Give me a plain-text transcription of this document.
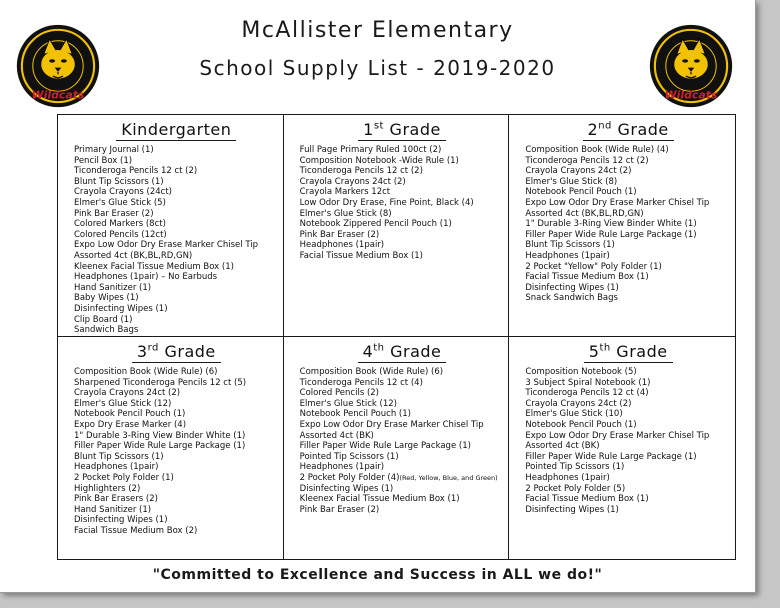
Wildcats
McAllister Elementary
School Supply List - 2019-2020
Wildcats
Kindergarten
Primary Journal (1)
Pencil Box (1)
Ticonderoga Pencils 12 ct (2)
Blunt Tip Scissors (1)
Crayola Crayons (24ct)
Elmer's Glue Stick (5)
Pink Bar Eraser (2)
Colored Markers (8ct)
Colored Pencils (12ct)
Expo Low Odor Dry Erase Marker Chisel Tip
Assorted 4ct (BK,BL,RD,GN)
Kleenex Facial Tissue Medium Box (1)
Headphones (1pair) – No Earbuds
Hand Sanitizer (1)
Baby Wipes (1)
Disinfecting Wipes (1)
Clip Board (1)
Sandwich Bags
1st Grade
Full Page Primary Ruled 100ct (2)
Composition Notebook -Wide Rule (1)
Ticonderoga Pencils 12 ct (2)
Crayola Crayons 24ct (2)
Crayola Markers 12ct
Low Odor Dry Erase, Fine Point, Black (4)
Elmer's Glue Stick (8)
Notebook Zippered Pencil Pouch (1)
Pink Bar Eraser (2)
Headphones (1pair)
Facial Tissue Medium Box (1)
2nd Grade
Composition Book (Wide Rule) (4)
Ticonderoga Pencils 12 ct (2)
Crayola Crayons 24ct (2)
Elmer's Glue Stick (8)
Notebook Pencil Pouch (1)
Expo Low Odor Dry Erase Marker Chisel Tip
Assorted 4ct (BK,BL,RD,GN)
1" Durable 3-Ring View Binder White (1)
Filler Paper Wide Rule Large Package (1)
Blunt Tip Scissors (1)
Headphones (1pair)
2 Pocket "Yellow" Poly Folder (1)
Facial Tissue Medium Box (1)
Disinfecting Wipes (1)
Snack Sandwich Bags
3rd Grade
Composition Book (Wide Rule) (6)
Sharpened Ticonderoga Pencils 12 ct (5)
Crayola Crayons 24ct (2)
Elmer's Glue Stick (12)
Notebook Pencil Pouch (1)
Expo Dry Erase Marker (4)
1" Durable 3-Ring View Binder White (1)
Filler Paper Wide Rule Large Package (1)
Blunt Tip Scissors (1)
Headphones (1pair)
2 Pocket Poly Folder (1)
Highlighters (2)
Pink Bar Erasers (2)
Hand Sanitizer (1)
Disinfecting Wipes (1)
Facial Tissue Medium Box (2)
4th Grade
Composition Book (Wide Rule) (6)
Ticonderoga Pencils 12 ct (4)
Colored Pencils (2)
Elmer's Glue Stick (12)
Notebook Pencil Pouch (1)
Expo Low Odor Dry Erase Marker Chisel Tip
Assorted 4ct (BK)
Filler Paper Wide Rule Large Package (1)
Pointed Tip Scissors (1)
Headphones (1pair)
2 Pocket Poly Folder (4)(Red, Yellow, Blue, and Green)
Disinfecting Wipes (1)
Kleenex Facial Tissue Medium Box (1)
Pink Bar Eraser (2)
5th Grade
Composition Notebook (5)
3 Subject Spiral Notebook (1)
Ticonderoga Pencils 12 ct (4)
Crayola Crayons 24ct (2)
Elmer's Glue Stick (10)
Notebook Pencil Pouch (1)
Expo Low Odor Dry Erase Marker Chisel Tip
Assorted 4ct (BK)
Filler Paper Wide Rule Large Package (1)
Pointed Tip Scissors (1)
Headphones (1pair)
2 Pocket Poly Folder (5)
Facial Tissue Medium Box (1)
Disinfecting Wipes (1)
"Committed to Excellence and Success in ALL we do!"
